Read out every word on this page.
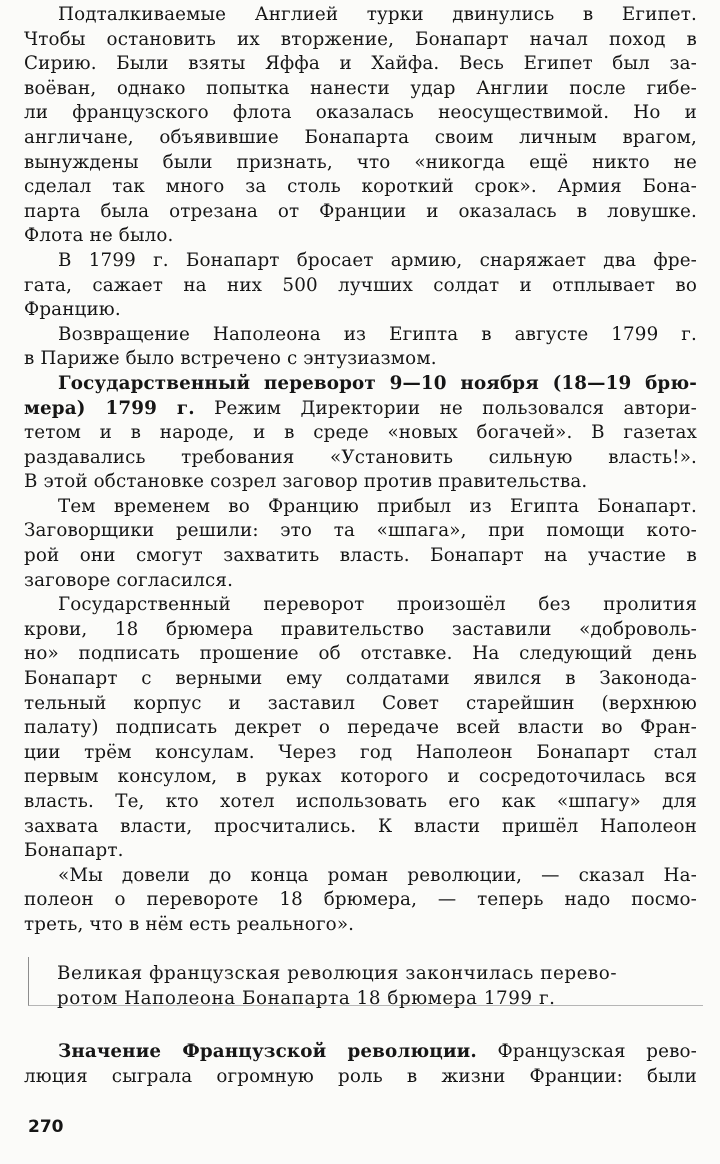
Подталкиваемые Англией турки двинулись в Египет.
Чтобы остановить их вторжение, Бонапарт начал поход в
Сирию. Были взяты Яффа и Хайфа. Весь Египет был за-
воёван, однако попытка нанести удар Англии после гибе-
ли французского флота оказалась неосуществимой. Но и
англичане, объявившие Бонапарта своим личным врагом,
вынуждены были признать, что «никогда ещё никто не
сделал так много за столь короткий срок». Армия Бона-
парта была отрезана от Франции и оказалась в ловушке.
Флота не было.
В 1799 г. Бонапарт бросает армию, снаряжает два фре-
гата, сажает на них 500 лучших солдат и отплывает во
Францию.
Возвращение Наполеона из Египта в августе 1799 г.
в Париже было встречено с энтузиазмом.
Государственный переворот 9—10 ноября (18—19 брю-
мера) 1799 г. Режим Директории не пользовался автори-
тетом и в народе, и в среде «новых богачей». В газетах
раздавались требования «Установить сильную власть!».
В этой обстановке созрел заговор против правительства.
Тем временем во Францию прибыл из Египта Бонапарт.
Заговорщики решили: это та «шпага», при помощи кото-
рой они смогут захватить власть. Бонапарт на участие в
заговоре согласился.
Государственный переворот произошёл без пролития
крови, 18 брюмера правительство заставили «доброволь-
но» подписать прошение об отставке. На следующий день
Бонапарт с верными ему солдатами явился в Законода-
тельный корпус и заставил Совет старейшин (верхнюю
палату) подписать декрет о передаче всей власти во Фран-
ции трём консулам. Через год Наполеон Бонапарт стал
первым консулом, в руках которого и сосредоточилась вся
власть. Те, кто хотел использовать его как «шпагу» для
захвата власти, просчитались. К власти пришёл Наполеон
Бонапарт.
«Мы довели до конца роман революции, — сказал На-
полеон о перевороте 18 брюмера, — теперь надо посмо-
треть, что в нём есть реального».
Великая французская революция закончилась перево-
ротом Наполеона Бонапарта 18 брюмера 1799 г.
Значение Французской революции. Французская рево-
люция сыграла огромную роль в жизни Франции: были
270
